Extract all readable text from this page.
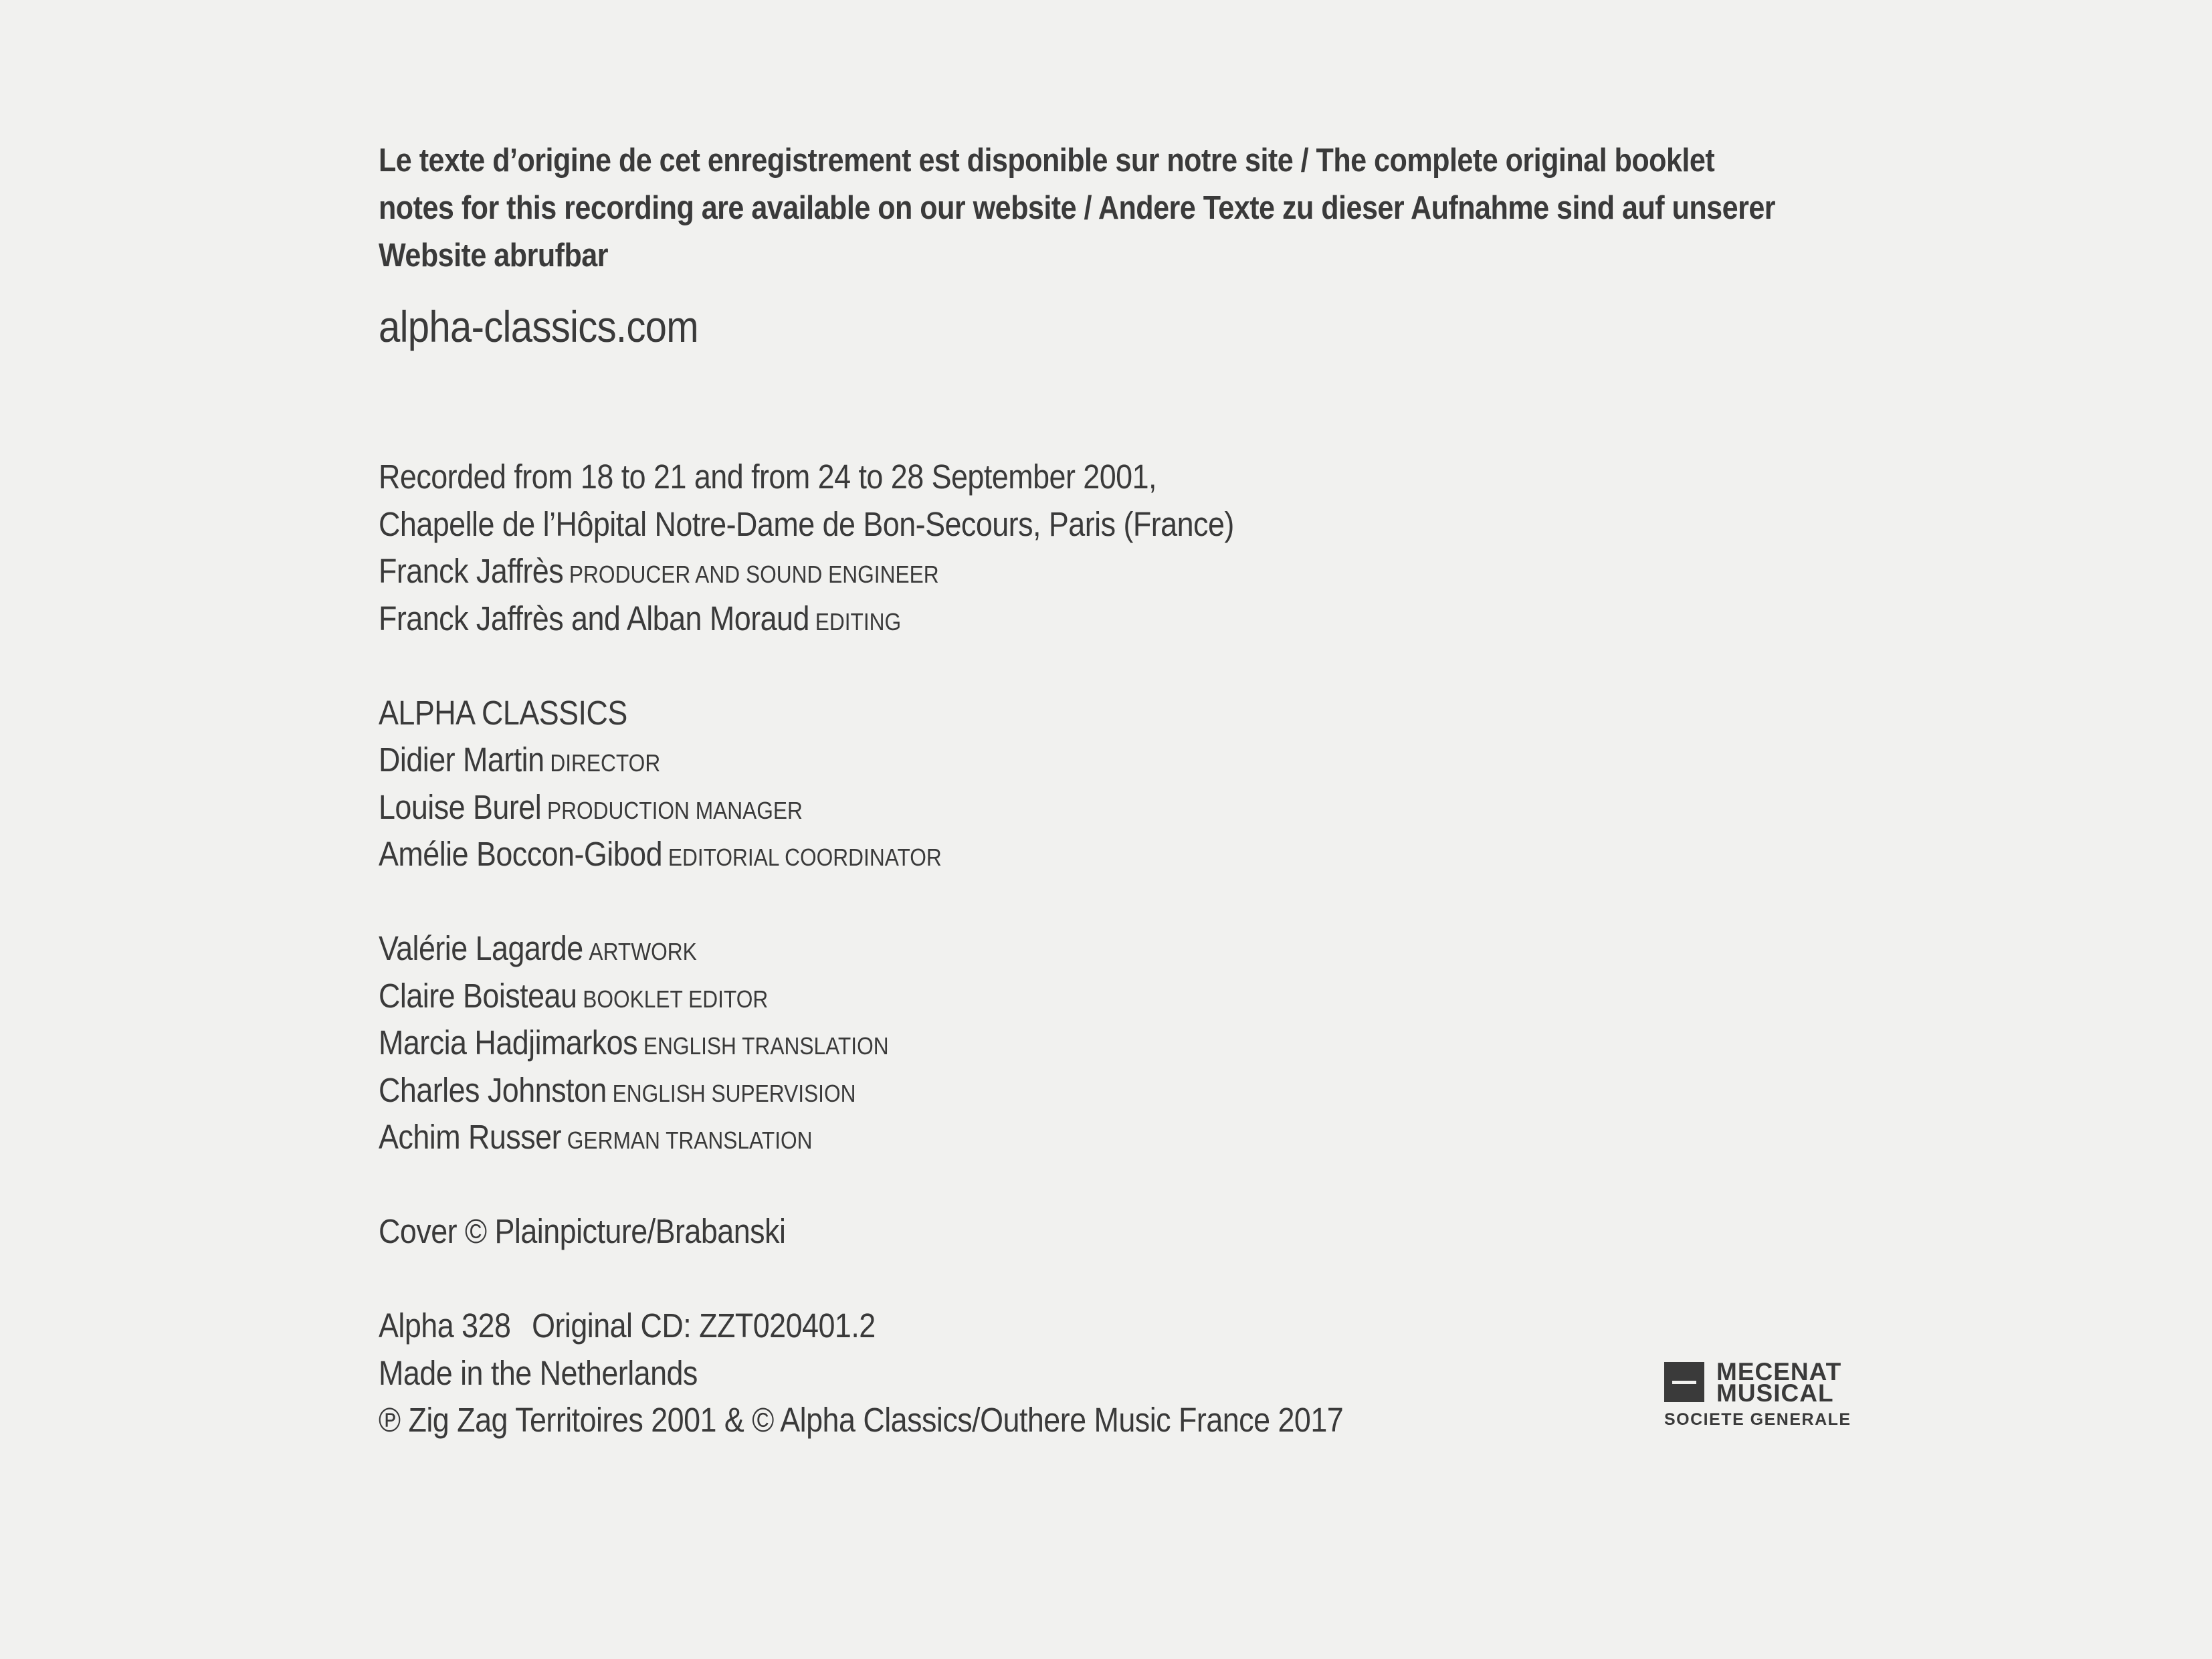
Le texte d’origine de cet enregistrement est disponible sur notre site / The complete original booklet
notes for this recording are available on our website / Andere Texte zu dieser Aufnahme sind auf unserer
Website abrufbar
alpha-classics.com
Recorded from 18 to 21 and from 24 to 28 September 2001,
Chapelle de l’Hôpital Notre-Dame de Bon-Secours, Paris (France)
Franck Jaffrès PRODUCER AND SOUND ENGINEER
Franck Jaffrès and Alban Moraud EDITING
ALPHA CLASSICS
Didier Martin DIRECTOR
Louise Burel PRODUCTION MANAGER
Amélie Boccon-Gibod EDITORIAL COORDINATOR
Valérie Lagarde ARTWORK
Claire Boisteau BOOKLET EDITOR
Marcia Hadjimarkos ENGLISH TRANSLATION
Charles Johnston ENGLISH SUPERVISION
Achim Russer GERMAN TRANSLATION
Cover © Plainpicture/Brabanski
Alpha 328 Original CD: ZZT020401.2
Made in the Netherlands
℗ Zig Zag Territoires 2001 & © Alpha Classics/Outhere Music France 2017
MECENAT
MUSICAL
SOCIETE GENERALE
